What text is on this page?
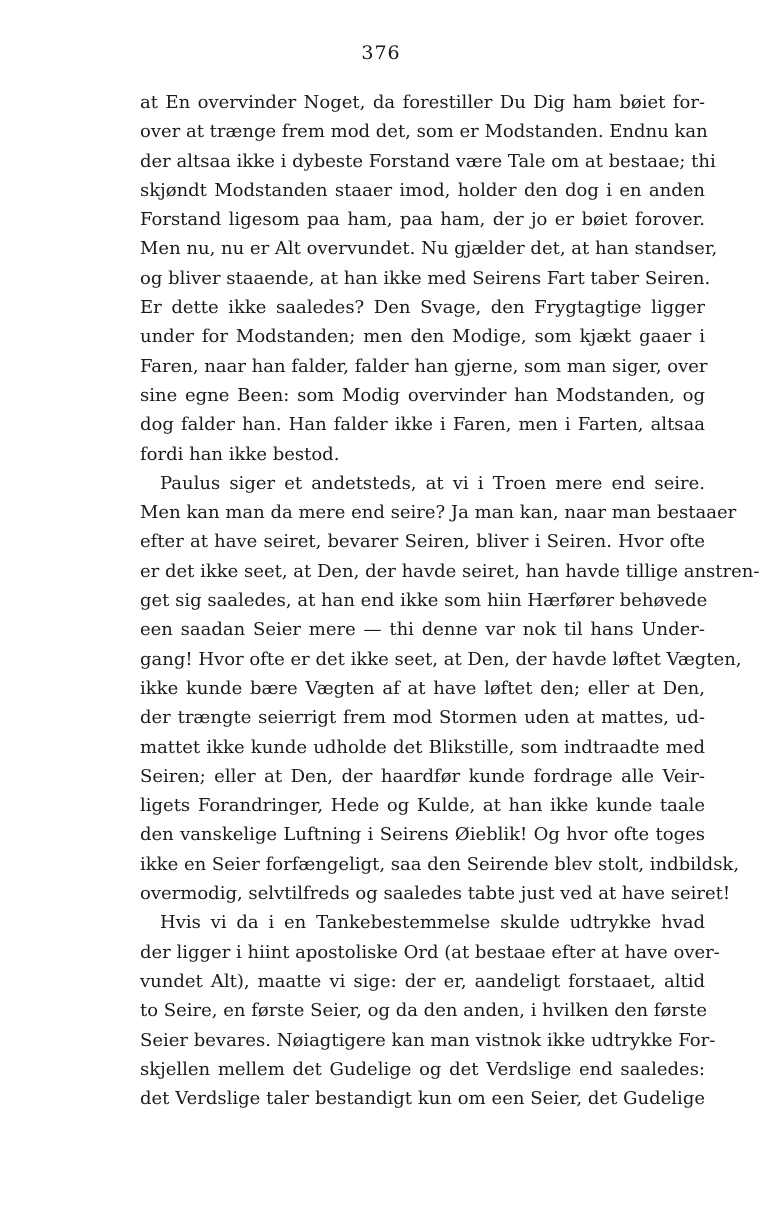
376
at En overvinder Noget, da forestiller Du Dig ham bøiet for-
over at trænge frem mod det, som er Modstanden. Endnu kan
der altsaa ikke i dybeste Forstand være Tale om at bestaae; thi
skjøndt Modstanden staaer imod, holder den dog i en anden
Forstand ligesom paa ham, paa ham, der jo er bøiet forover.
Men nu, nu er Alt overvundet. Nu gjælder det, at han standser,
og bliver staaende, at han ikke med Seirens Fart taber Seiren.
Er dette ikke saaledes? Den Svage, den Frygtagtige ligger
under for Modstanden; men den Modige, som kjækt gaaer i
Faren, naar han falder, falder han gjerne, som man siger, over
sine egne Been: som Modig overvinder han Modstanden, og
dog falder han. Han falder ikke i Faren, men i Farten, altsaa
fordi han ikke bestod.
Paulus siger et andetsteds, at vi i Troen mere end seire.
Men kan man da mere end seire? Ja man kan, naar man bestaaer
efter at have seiret, bevarer Seiren, bliver i Seiren. Hvor ofte
er det ikke seet, at Den, der havde seiret, han havde tillige anstren-
get sig saaledes, at han end ikke som hiin Hærfører behøvede
een saadan Seier mere — thi denne var nok til hans Under-
gang! Hvor ofte er det ikke seet, at Den, der havde løftet Vægten,
ikke kunde bære Vægten af at have løftet den; eller at Den,
der trængte seierrigt frem mod Stormen uden at mattes, ud-
mattet ikke kunde udholde det Blikstille, som indtraadte med
Seiren; eller at Den, der haardfør kunde fordrage alle Veir-
ligets Forandringer, Hede og Kulde, at han ikke kunde taale
den vanskelige Luftning i Seirens Øieblik! Og hvor ofte toges
ikke en Seier forfængeligt, saa den Seirende blev stolt, indbildsk,
overmodig, selvtilfreds og saaledes tabte just ved at have seiret!
Hvis vi da i en Tankebestemmelse skulde udtrykke hvad
der ligger i hiint apostoliske Ord (at bestaae efter at have over-
vundet Alt), maatte vi sige: der er, aandeligt forstaaet, altid
to Seire, en første Seier, og da den anden, i hvilken den første
Seier bevares. Nøiagtigere kan man vistnok ikke udtrykke For-
skjellen mellem det Gudelige og det Verdslige end saaledes:
det Verdslige taler bestandigt kun om een Seier, det Gudelige
